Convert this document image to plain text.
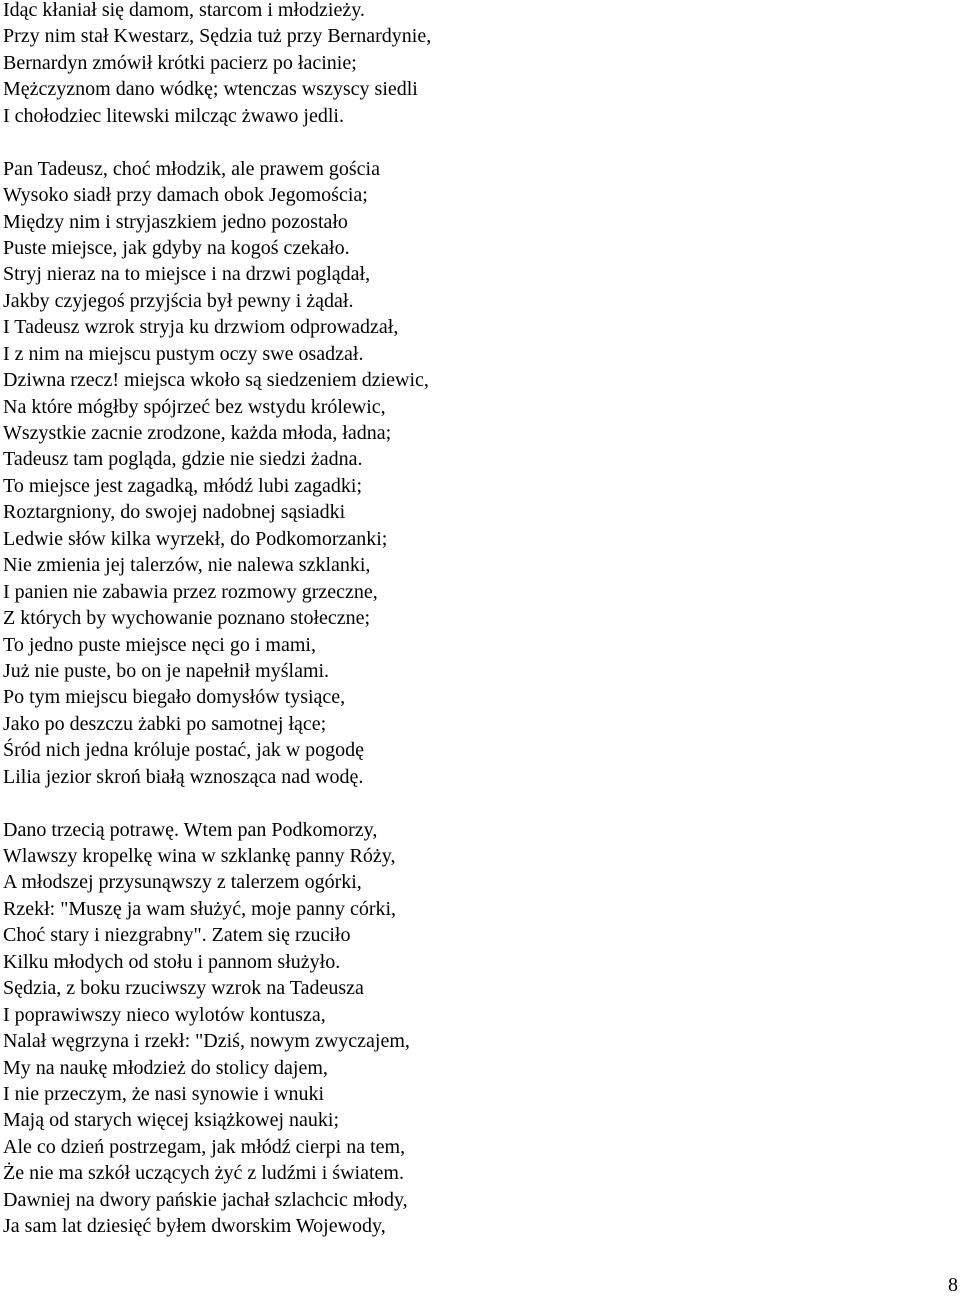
Idąc kłaniał się damom, starcom i młodzieży.
Przy nim stał Kwestarz, Sędzia tuż przy Bernardynie,
Bernardyn zmówił krótki pacierz po łacinie;
Mężczyznom dano wódkę; wtenczas wszyscy siedli
I chołodziec litewski milcząc żwawo jedli.
Pan Tadeusz, choć młodzik, ale prawem gościa
Wysoko siadł przy damach obok Jegomościa;
Między nim i stryjaszkiem jedno pozostało
Puste miejsce, jak gdyby na kogoś czekało.
Stryj nieraz na to miejsce i na drzwi poglądał,
Jakby czyjegoś przyjścia był pewny i żądał.
I Tadeusz wzrok stryja ku drzwiom odprowadzał,
I z nim na miejscu pustym oczy swe osadzał.
Dziwna rzecz! miejsca wkoło są siedzeniem dziewic,
Na które mógłby spójrzeć bez wstydu królewic,
Wszystkie zacnie zrodzone, każda młoda, ładna;
Tadeusz tam pogląda, gdzie nie siedzi żadna.
To miejsce jest zagadką, młódź lubi zagadki;
Roztargniony, do swojej nadobnej sąsiadki
Ledwie słów kilka wyrzekł, do Podkomorzanki;
Nie zmienia jej talerzów, nie nalewa szklanki,
I panien nie zabawia przez rozmowy grzeczne,
Z których by wychowanie poznano stołeczne;
To jedno puste miejsce nęci go i mami,
Już nie puste, bo on je napełnił myślami.
Po tym miejscu biegało domysłów tysiące,
Jako po deszczu żabki po samotnej łące;
Śród nich jedna króluje postać, jak w pogodę
Lilia jezior skroń białą wznosząca nad wodę.
Dano trzecią potrawę. Wtem pan Podkomorzy,
Wlawszy kropelkę wina w szklankę panny Róży,
A młodszej przysunąwszy z talerzem ogórki,
Rzekł: "Muszę ja wam służyć, moje panny córki,
Choć stary i niezgrabny". Zatem się rzuciło
Kilku młodych od stołu i pannom służyło.
Sędzia, z boku rzuciwszy wzrok na Tadeusza
I poprawiwszy nieco wylotów kontusza,
Nalał węgrzyna i rzekł: "Dziś, nowym zwyczajem,
My na naukę młodzież do stolicy dajem,
I nie przeczym, że nasi synowie i wnuki
Mają od starych więcej książkowej nauki;
Ale co dzień postrzegam, jak młódź cierpi na tem,
Że nie ma szkół uczących żyć z ludźmi i światem.
Dawniej na dwory pańskie jachał szlachcic młody,
Ja sam lat dziesięć byłem dworskim Wojewody,
8
